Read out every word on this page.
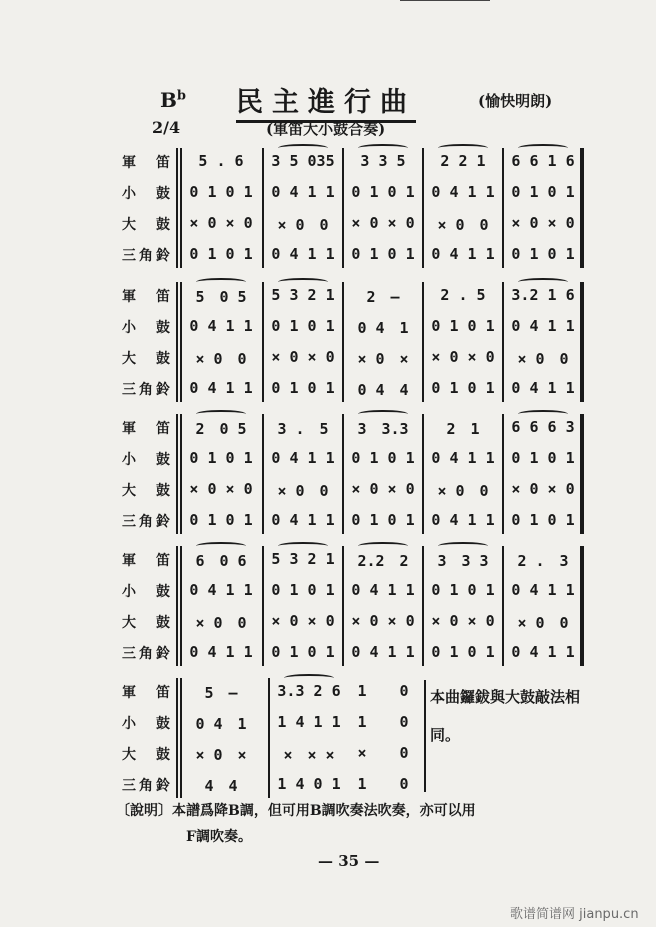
$B^b$ 民主進行曲	(愉快明朗)
2/4	(軍笛大小鼓合奏)
軍　笛	5 . 6	3 5 035	3 3 5	2 2 1	6 6 1 6
小　鼓	0 1 0 1	0 4 1 1	0 1 0 1	0 4 1 1	0 1 0 1
大　鼓	× 0 × 0	× 0　0	× 0 × 0	× 0　0	× 0 × 0
三角鈴	0 1 0 1	0 4 1 1	0 1 0 1	0 4 1 1	0 1 0 1
軍　笛	5　0 5	5 3 2 1	2　—	2 . 5	3.2 1 6
小　鼓	0 4 1 1	0 1 0 1	0 4　1	0 1 0 1	0 4 1 1
大　鼓	× 0　0	× 0 × 0	× 0　×	× 0 × 0	× 0　0
三角鈴	0 4 1 1	0 1 0 1	0 4　4	0 1 0 1	0 4 1 1
軍　笛	2　0 5	3 .　5	3　3.3	2　1	6 6 6 3
小　鼓	0 1 0 1	0 4 1 1	0 1 0 1	0 4 1 1	0 1 0 1
大　鼓	× 0 × 0	× 0　0	× 0 × 0	× 0　0	× 0 × 0
三角鈴	0 1 0 1	0 4 1 1	0 1 0 1	0 4 1 1	0 1 0 1
軍　笛	6　0 6	5 3 2 1	2.2　2	3　3 3	2 .　3
小　鼓	0 4 1 1	0 1 0 1	0 4 1 1	0 1 0 1	0 4 1 1
大　鼓	× 0　0	× 0 × 0	× 0 × 0	× 0 × 0	× 0　0
三角鈴	0 4 1 1	0 1 0 1	0 4 1 1	0 1 0 1	0 4 1 1
軍　笛	5　—	3.3 2 6	1	0
小　鼓	0 4　1	1 4 1 1	1	0
大　鼓	× 0　×	×　× ×	×	0
三角鈴	4　4	1 4 0 1	1	0
本曲鑼鈸與大鼓敲法相同。
〔說明〕本譜爲降B調，但可用B調吹奏法吹奏，亦可以用
F調吹奏。
— 35 —
歌谱简谱网 jianpu.cn
